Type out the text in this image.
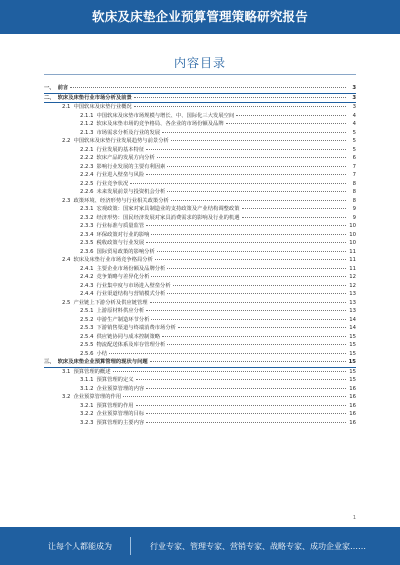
软床及床垫企业预算管理策略研究报告
内容目录
一、 前言	3
二、 软床及床垫行业市场分析及前景	3
2.1 中国软床及床垫行业概况	3
2.1.1 中国软床及床垫市场规模与增长、中、国际化三大发展空间	4
2.1.2 软床及床垫市场的竞争格局、各企业的市场份额及品牌	4
2.1.3 市场需求分析及行业的发展	5
2.2 中国软床及床垫行业发展趋势与前景分析	5
2.2.1 行业发展的基本特征	5
2.2.2 软床产品的发展方向分析	6
2.2.3 影响行业发展的主要有利因素	7
2.2.4 行业进入壁垒与风险	7
2.2.5 行业竞争状况	8
2.2.6 未来发展前景与投资机会分析	8
2.3 政策环境、经济形势与行业相关政策分析	8
2.3.1 宏观政策：国家对家具制造业的支持政策及产业结构调整政策	9
2.3.2 经济形势：国民经济发展对家具消费需求的影响及行业的机遇	9
2.3.3 行业标准与质量监管	10
2.3.4 环保政策对行业的影响	10
2.3.5 税收政策与行业发展	10
2.3.6 国际贸易政策的影响分析	11
2.4 软床及床垫行业市场竞争格局分析	11
2.4.1 主要企业市场份额及品牌分析	11
2.4.2 竞争策略与差异化分析	12
2.4.3 行业集中度与市场进入壁垒分析	12
2.4.4 行业渠道结构与营销模式分析	13
2.5 产业链上下游分析及供应链管理	13
2.5.1 上游原材料供应分析	13
2.5.2 中游生产制造环节分析	14
2.5.3 下游销售渠道与终端消费市场分析	14
2.5.4 供应链协同与成本控制策略	15
2.5.5 物流配送体系及库存管理分析	15
2.5.6 小结	15
三、 软床及床垫企业预算管理的现状与问题	15
3.1 预算管理的概述	15
3.1.1 预算管理的定义	15
3.1.2 企业预算管理的内容	16
3.2 企业预算管理的作用	16
3.2.1 预算管理的作用	16
3.2.2 企业预算管理的目标	16
3.2.3 预算管理的主要内容	16
1
让每个人都能成为	行业专家、管理专家、营销专家、战略专家、成功企业家……
